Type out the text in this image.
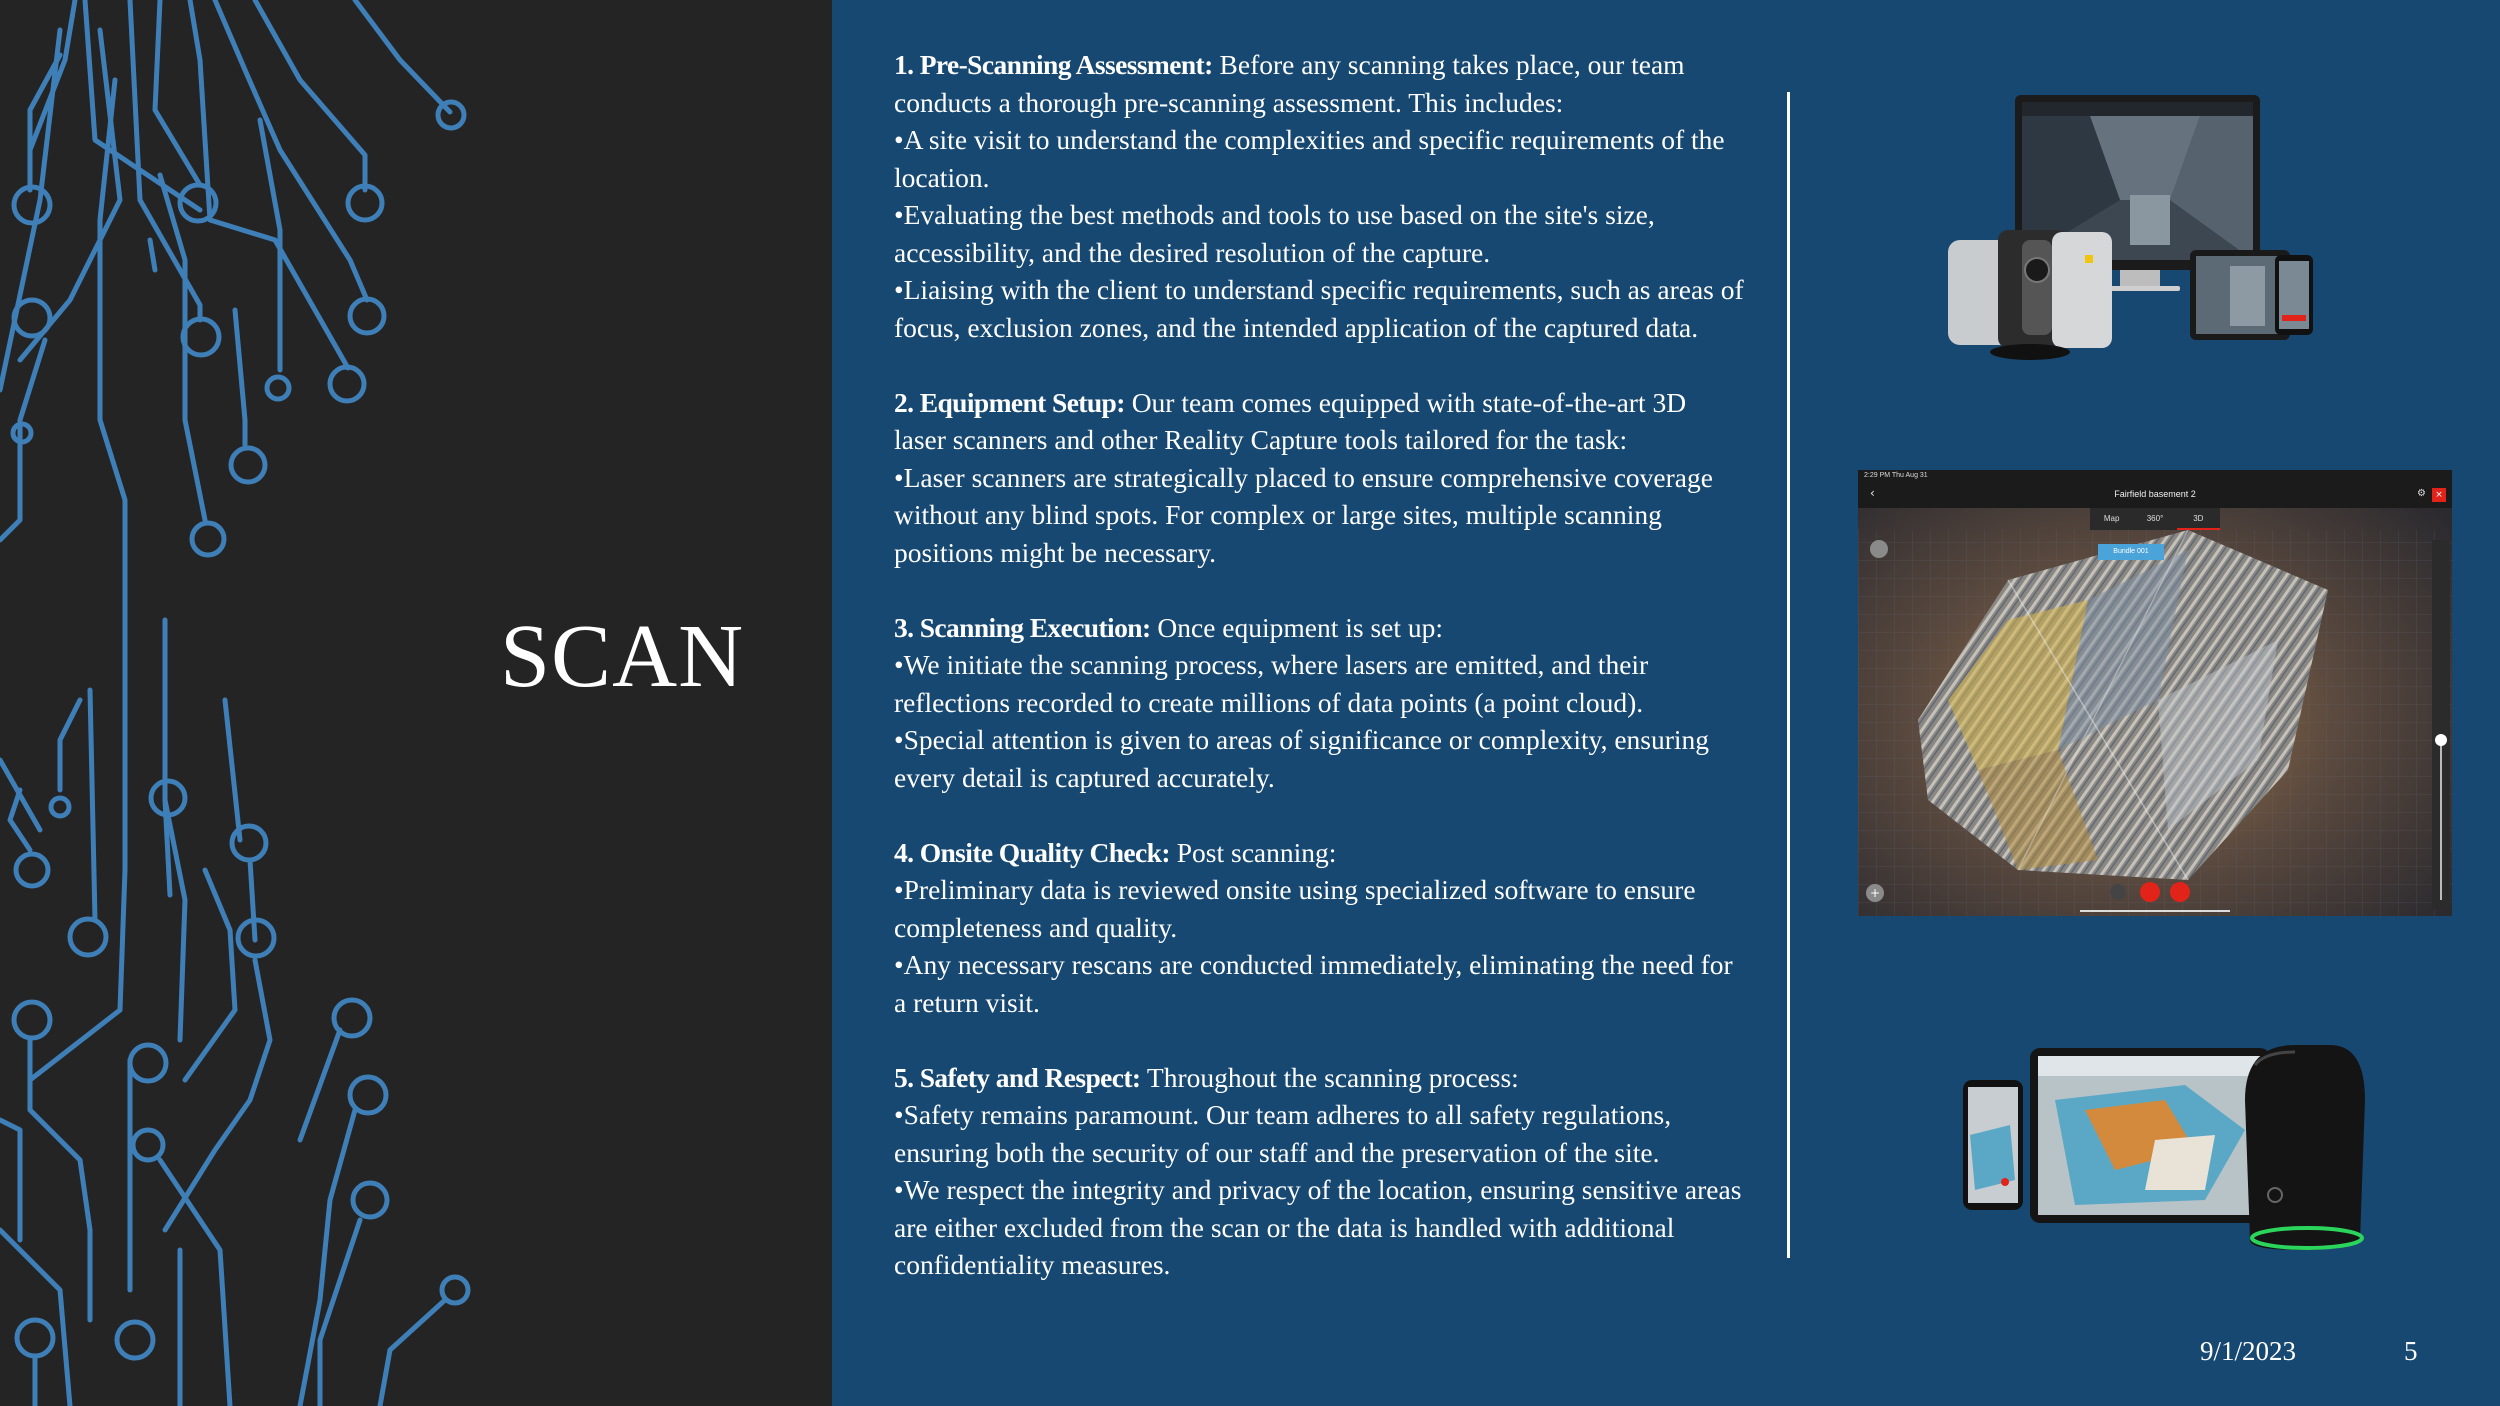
SCAN

1. Pre-Scanning Assessment: Before any scanning takes place, our team conducts a thorough pre-scanning assessment. This includes:

•A site visit to understand the complexities and specific requirements of the location.

•Evaluating the best methods and tools to use based on the site's size, accessibility, and the desired resolution of the capture.

•Liaising with the client to understand specific requirements, such as areas of focus, exclusion zones, and the intended application of the captured data.

2. Equipment Setup: Our team comes equipped with state-of-the-art 3D laser scanners and other Reality Capture tools tailored for the task:

•Laser scanners are strategically placed to ensure comprehensive coverage without any blind spots. For complex or large sites, multiple scanning positions might be necessary.

3. Scanning Execution: Once equipment is set up:

•We initiate the scanning process, where lasers are emitted, and their reflections recorded to create millions of data points (a point cloud).

•Special attention is given to areas of significance or complexity, ensuring every detail is captured accurately.

4. Onsite Quality Check: Post scanning:

•Preliminary data is reviewed onsite using specialized software to ensure completeness and quality.

•Any necessary rescans are conducted immediately, eliminating the need for a return visit.

5. Safety and Respect: Throughout the scanning process:

•Safety remains paramount. Our team adheres to all safety regulations, ensuring both the security of our staff and the preservation of the site.

•We respect the integrity and privacy of the location, ensuring sensitive areas are either excluded from the scan or the data is handled with additional confidentiality measures.

2:29 PM Thu Aug 31
‹	Fairfield basement 2	×
⚙
Map	360°	3D
Bundle 001
+
9/1/2023	5
